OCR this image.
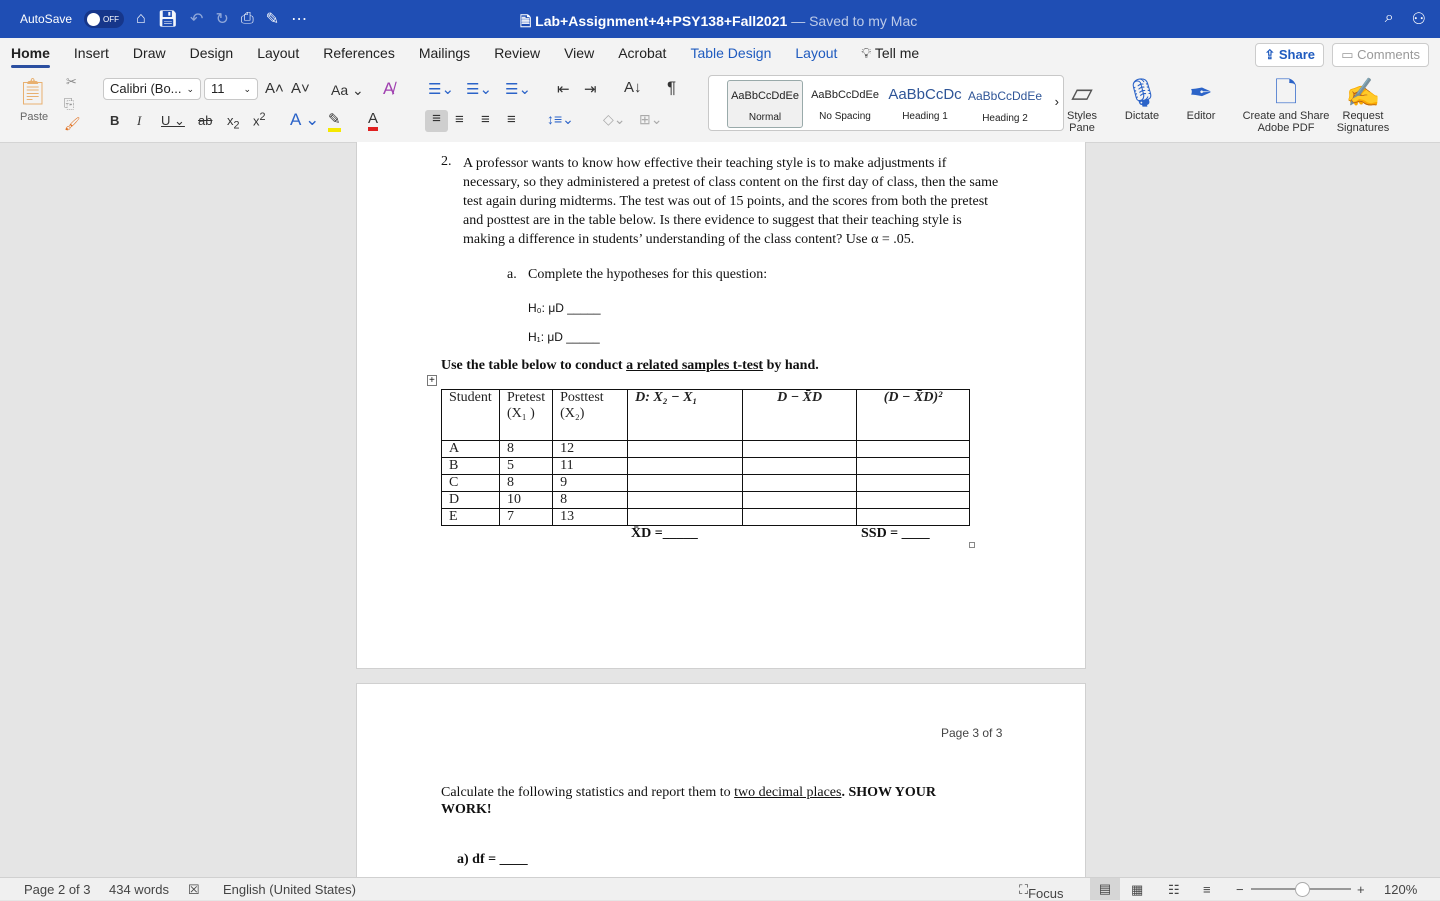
AutoSave	OFF ⌂ 💾︎ ↶ ↻ ⎙ ✎ ⋯	🗎 Lab+Assignment+4+PSY138+Fall2021 — Saved to my Mac	⌕ ⚇
Home Insert Draw Design Layout References Mailings Review View Acrobat Table Design Layout 💡︎ Tell me	⇪ Share	▭ Comments
📋︎
Paste
✂
⎘
🖌︎
Calibri (Bo... ⌄	11 ⌄ A˄ A˅ Aa ⌄ A̸
B I U ⌄ ab $x_2$ $x^2$ A ⌄ ✎ A
☰⌄ ☰⌄ ☰⌄ ⇤ ⇥ A↓ ¶
≡ ≡ ≡ ≡ ↕≡⌄ ◇⌄ ⊞⌄
AaBbCcDdEe
Normal
AaBbCcDdEe
No Spacing
AaBbCcDc
Heading 1
AaBbCcDdEe
Heading 2
› ▱
Styles Pane
🎙︎
Dictate
✒
Editor
🗋
Create and Share Adobe PDF
✍
Request Signatures
2. A professor wants to know how effective their teaching style is to make adjustments if necessary, so they administered a pretest of class content on the first day of class, then the same test again during midterms. The test was out of 15 points, and the scores from both the pretest and posttest are in the table below. Is there evidence to suggest that their teaching style is making a difference in students’ understanding of the class content? Use α = .05.
a. Complete the hypotheses for this question:
H₀: μD _____
H₁: μD _____
Use the table below to conduct a related samples t-test by hand.
+
Student	Pretest (X₁ )	Posttest (X₂)	D: X₂ − X₁	D − X̄D	(D − X̄D)²
A	8	12			
B	5	11			
C	8	9			
D	10	8			
E	7	13			
X̄D =_____	SSD = ____
Page 3 of 3
Calculate the following statistics and report them to two decimal places. SHOW YOUR WORK!
a) df = ____
Page 2 of 3 434 words ☒ English (United States)	⛶ Focus	▤	▦ ☷ ≡ −	+ 120%
